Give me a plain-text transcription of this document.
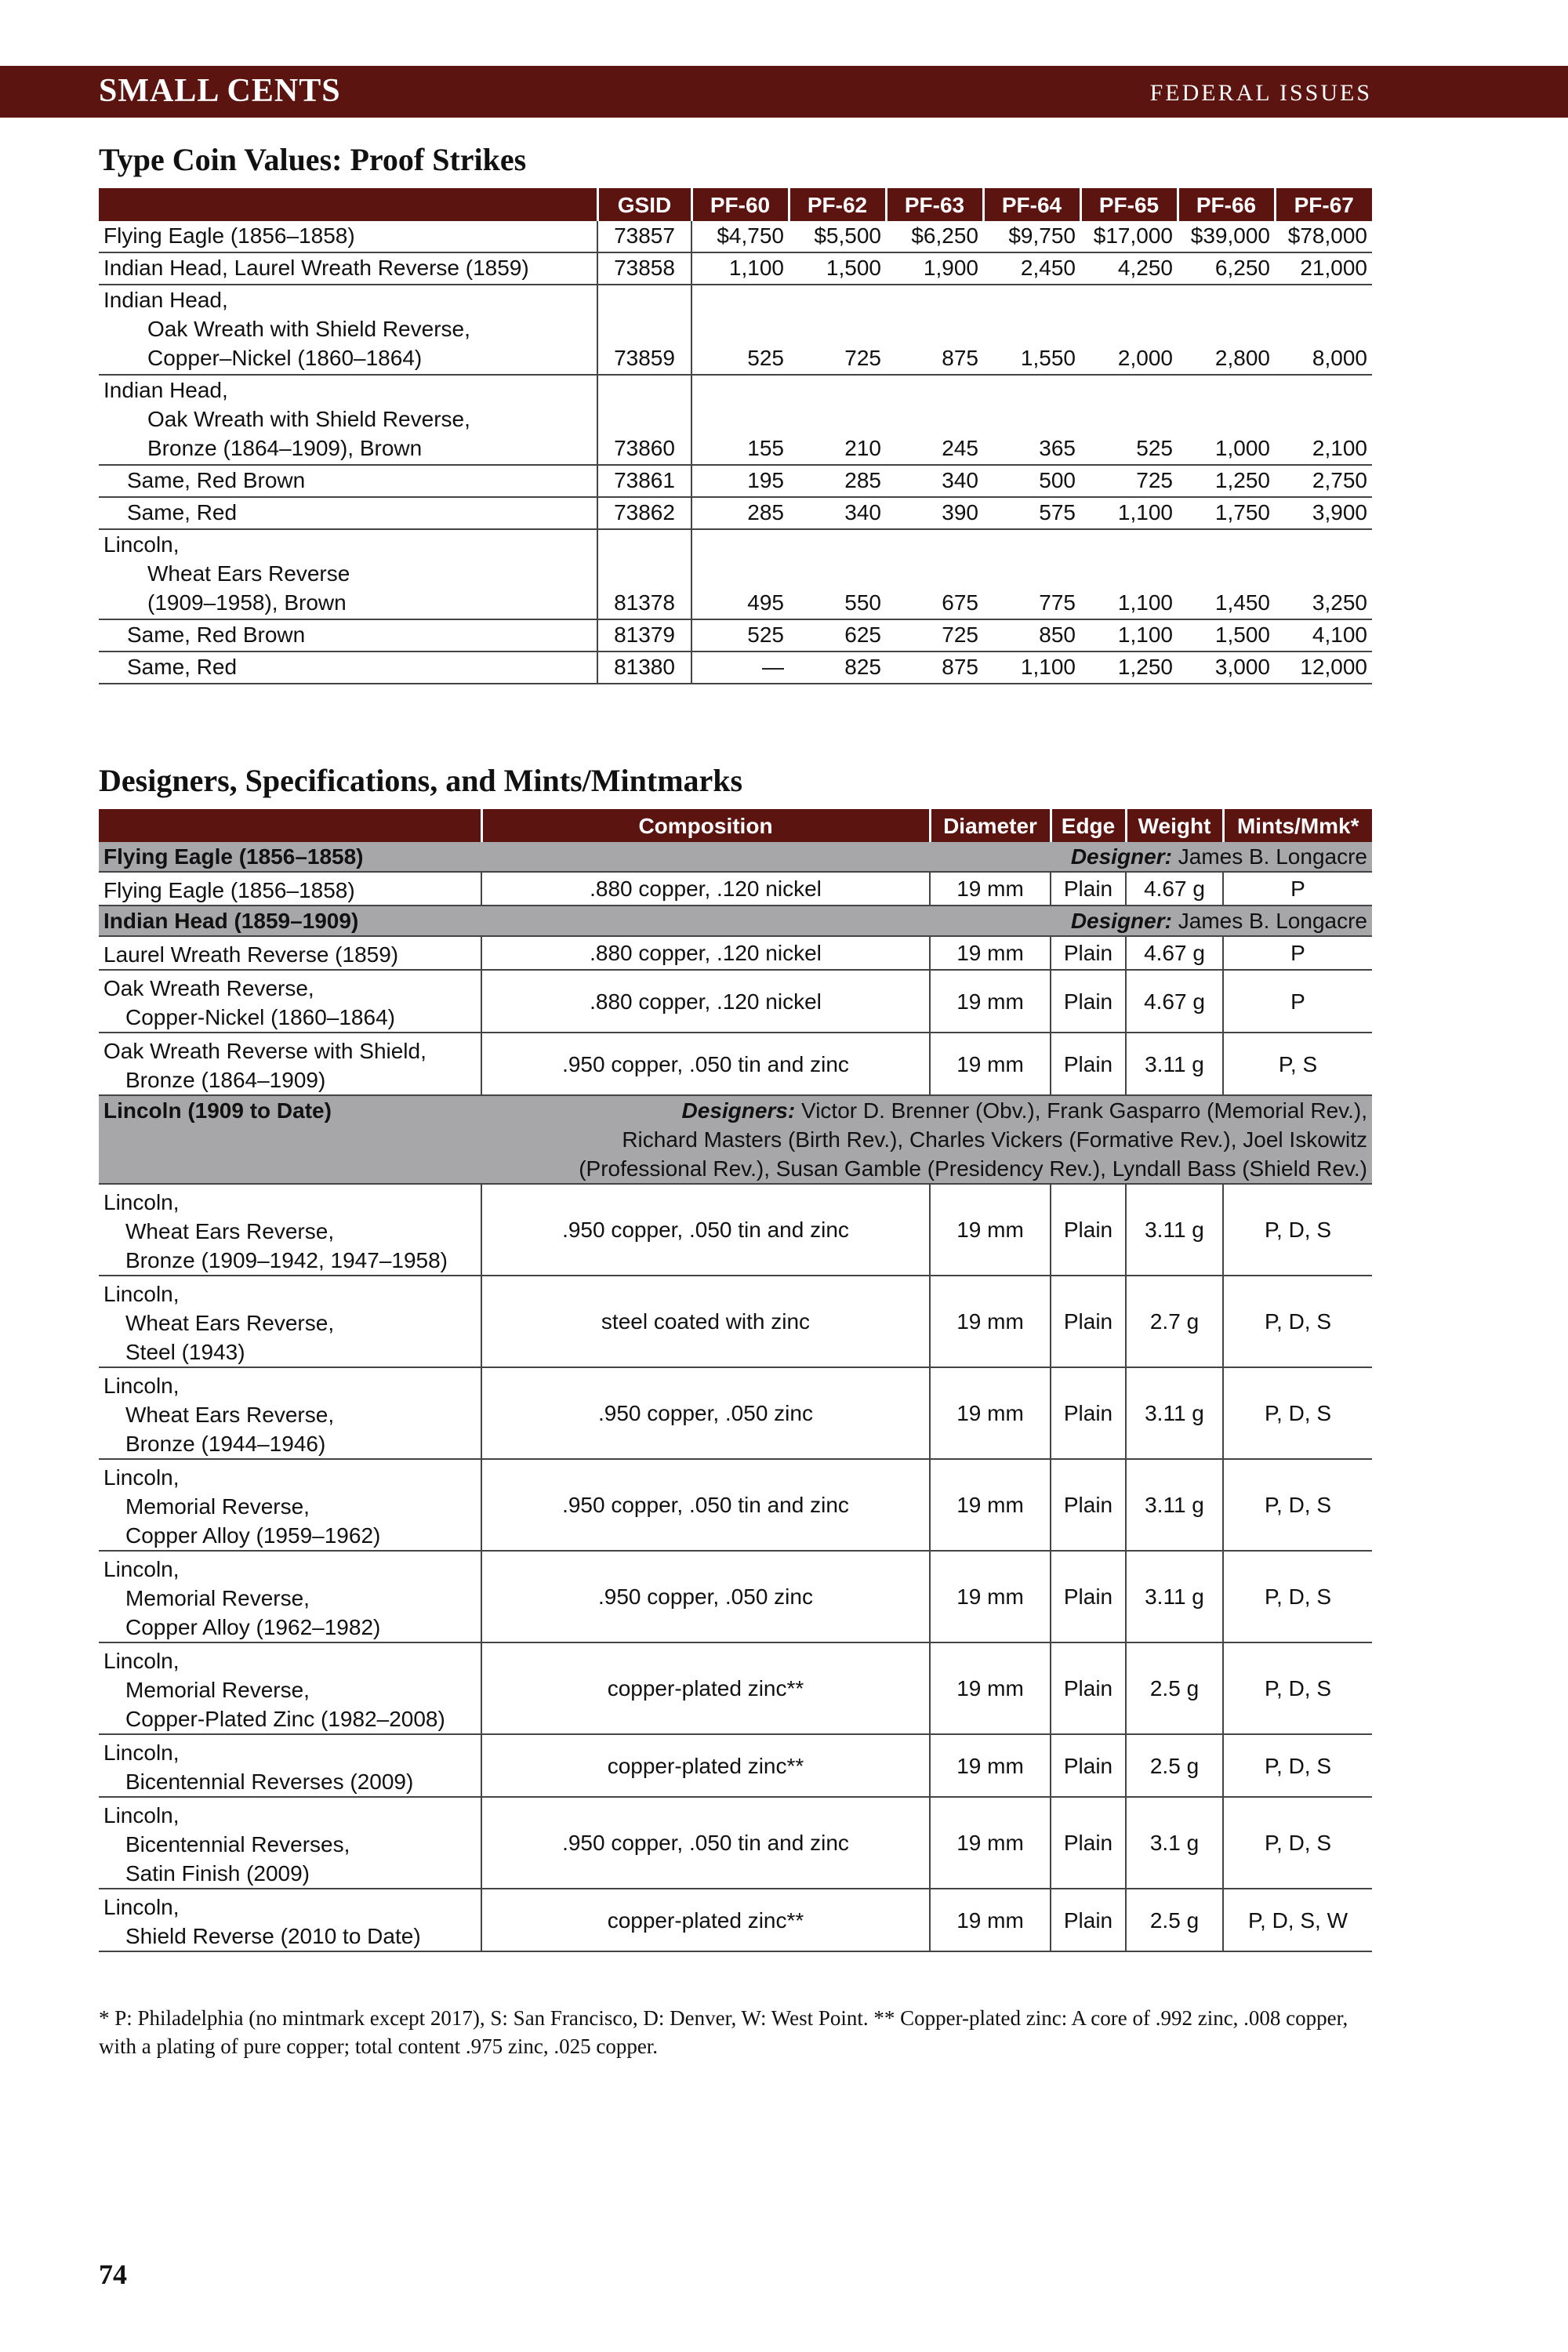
SMALL CENTS	FEDERAL ISSUES
Type Coin Values: Proof Strikes
	GSID	PF-60	PF-62	PF-63	PF-64	PF-65	PF-66	PF-67

Flying Eagle (1856–1858)	73857	$4,750	$5,500	$6,250	$9,750	$17,000	$39,000	$78,000

Indian Head, Laurel Wreath Reverse (1859)	73858	1,100	1,500	1,900	2,450	4,250	6,250	21,000

Indian Head,
Oak Wreath with Shield Reverse,
Copper–Nickel (1860–1864)	73859	525	725	875	1,550	2,000	2,800	8,000

Indian Head,
Oak Wreath with Shield Reverse,
Bronze (1864–1909), Brown	73860	155	210	245	365	525	1,000	2,100

Same, Red Brown	73861	195	285	340	500	725	1,250	2,750

Same, Red	73862	285	340	390	575	1,100	1,750	3,900

Lincoln,
Wheat Ears Reverse
(1909–1958), Brown	81378	495	550	675	775	1,100	1,450	3,250

Same, Red Brown	81379	525	625	725	850	1,100	1,500	4,100

Same, Red	81380	—	825	875	1,100	1,250	3,000	12,000
Designers, Specifications, and Mints/Mintmarks
	Composition	Diameter	Edge	Weight	Mints/Mmk*
Flying Eagle (1856–1858)	Designer: James B. Longacre				

Flying Eagle (1856–1858)	.880 copper, .120 nickel	19 mm	Plain	4.67 g	P
Indian Head (1859–1909)	Designer: James B. Longacre				

Laurel Wreath Reverse (1859)	.880 copper, .120 nickel	19 mm	Plain	4.67 g	P

Oak Wreath Reverse,
Copper-Nickel (1860–1864)	.880 copper, .120 nickel	19 mm	Plain	4.67 g	P

Oak Wreath Reverse with Shield,
Bronze (1864–1909)	.950 copper, .050 tin and zinc	19 mm	Plain	3.11 g	P, S
Lincoln (1909 to Date)	Designers: Victor D. Brenner (Obv.), Frank Gasparro (Memorial Rev.),
Richard Masters (Birth Rev.), Charles Vickers (Formative Rev.), Joel Iskowitz
(Professional Rev.), Susan Gamble (Presidency Rev.), Lyndall Bass (Shield Rev.)				

Lincoln,
Wheat Ears Reverse,
Bronze (1909–1942, 1947–1958)	.950 copper, .050 tin and zinc	19 mm	Plain	3.11 g	P, D, S

Lincoln,
Wheat Ears Reverse,
Steel (1943)	steel coated with zinc	19 mm	Plain	2.7 g	P, D, S

Lincoln,
Wheat Ears Reverse,
Bronze (1944–1946)	.950 copper, .050 zinc	19 mm	Plain	3.11 g	P, D, S

Lincoln,
Memorial Reverse,
Copper Alloy (1959–1962)	.950 copper, .050 tin and zinc	19 mm	Plain	3.11 g	P, D, S

Lincoln,
Memorial Reverse,
Copper Alloy (1962–1982)	.950 copper, .050 zinc	19 mm	Plain	3.11 g	P, D, S

Lincoln,
Memorial Reverse,
Copper-Plated Zinc (1982–2008)	copper-plated zinc**	19 mm	Plain	2.5 g	P, D, S

Lincoln,
Bicentennial Reverses (2009)	copper-plated zinc**	19 mm	Plain	2.5 g	P, D, S

Lincoln,
Bicentennial Reverses,
Satin Finish (2009)	.950 copper, .050 tin and zinc	19 mm	Plain	3.1 g	P, D, S

Lincoln,
Shield Reverse (2010 to Date)	copper-plated zinc**	19 mm	Plain	2.5 g	P, D, S, W
* P: Philadelphia (no mintmark except 2017), S: San Francisco, D: Denver, W: West Point. ** Copper-plated zinc: A core of .992 zinc, .008 copper, with a plating of pure copper; total content .975 zinc, .025 copper.
74
